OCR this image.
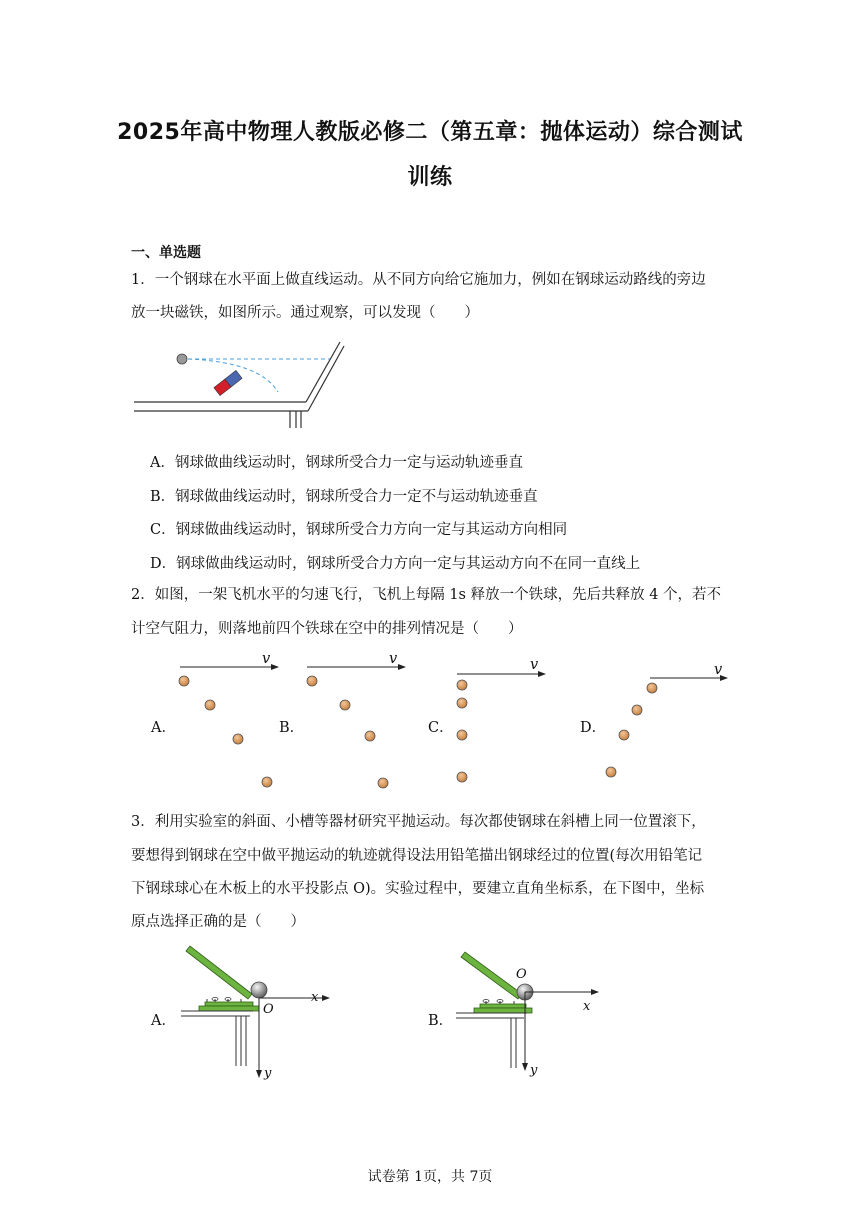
2025年高中物理人教版必修二（第五章：抛体运动）综合测试
训练
一、单选题

1．一个钢球在水平面上做直线运动。从不同方向给它施加力，例如在钢球运动路线的旁边

放一块磁铁，如图所示。通过观察，可以发现（　　）

A．钢球做曲线运动时，钢球所受合力一定与运动轨迹垂直
B．钢球做曲线运动时，钢球所受合力一定不与运动轨迹垂直
C．钢球做曲线运动时，钢球所受合力方向一定与其运动方向相同
D．钢球做曲线运动时，钢球所受合力方向一定与其运动方向不在同一直线上

2．如图，一架飞机水平的匀速飞行，飞机上每隔 1s 释放一个铁球，先后共释放 4 个，若不

计空气阻力，则落地前四个铁球在空中的排列情况是（　　）

v	v	v	v
A．	B．	C．	D．

3．利用实验室的斜面、小槽等器材研究平抛运动。每次都使钢球在斜槽上同一位置滚下，

要想得到钢球在空中做平抛运动的轨迹就得设法用铅笔描出钢球经过的位置(每次用铅笔记

下钢球球心在木板上的水平投影点 O)。实验过程中，要建立直角坐标系，在下图中，坐标

原点选择正确的是（　　）

A．	B．
x
O
y
O
x
y
试卷第 1页，共 7页
